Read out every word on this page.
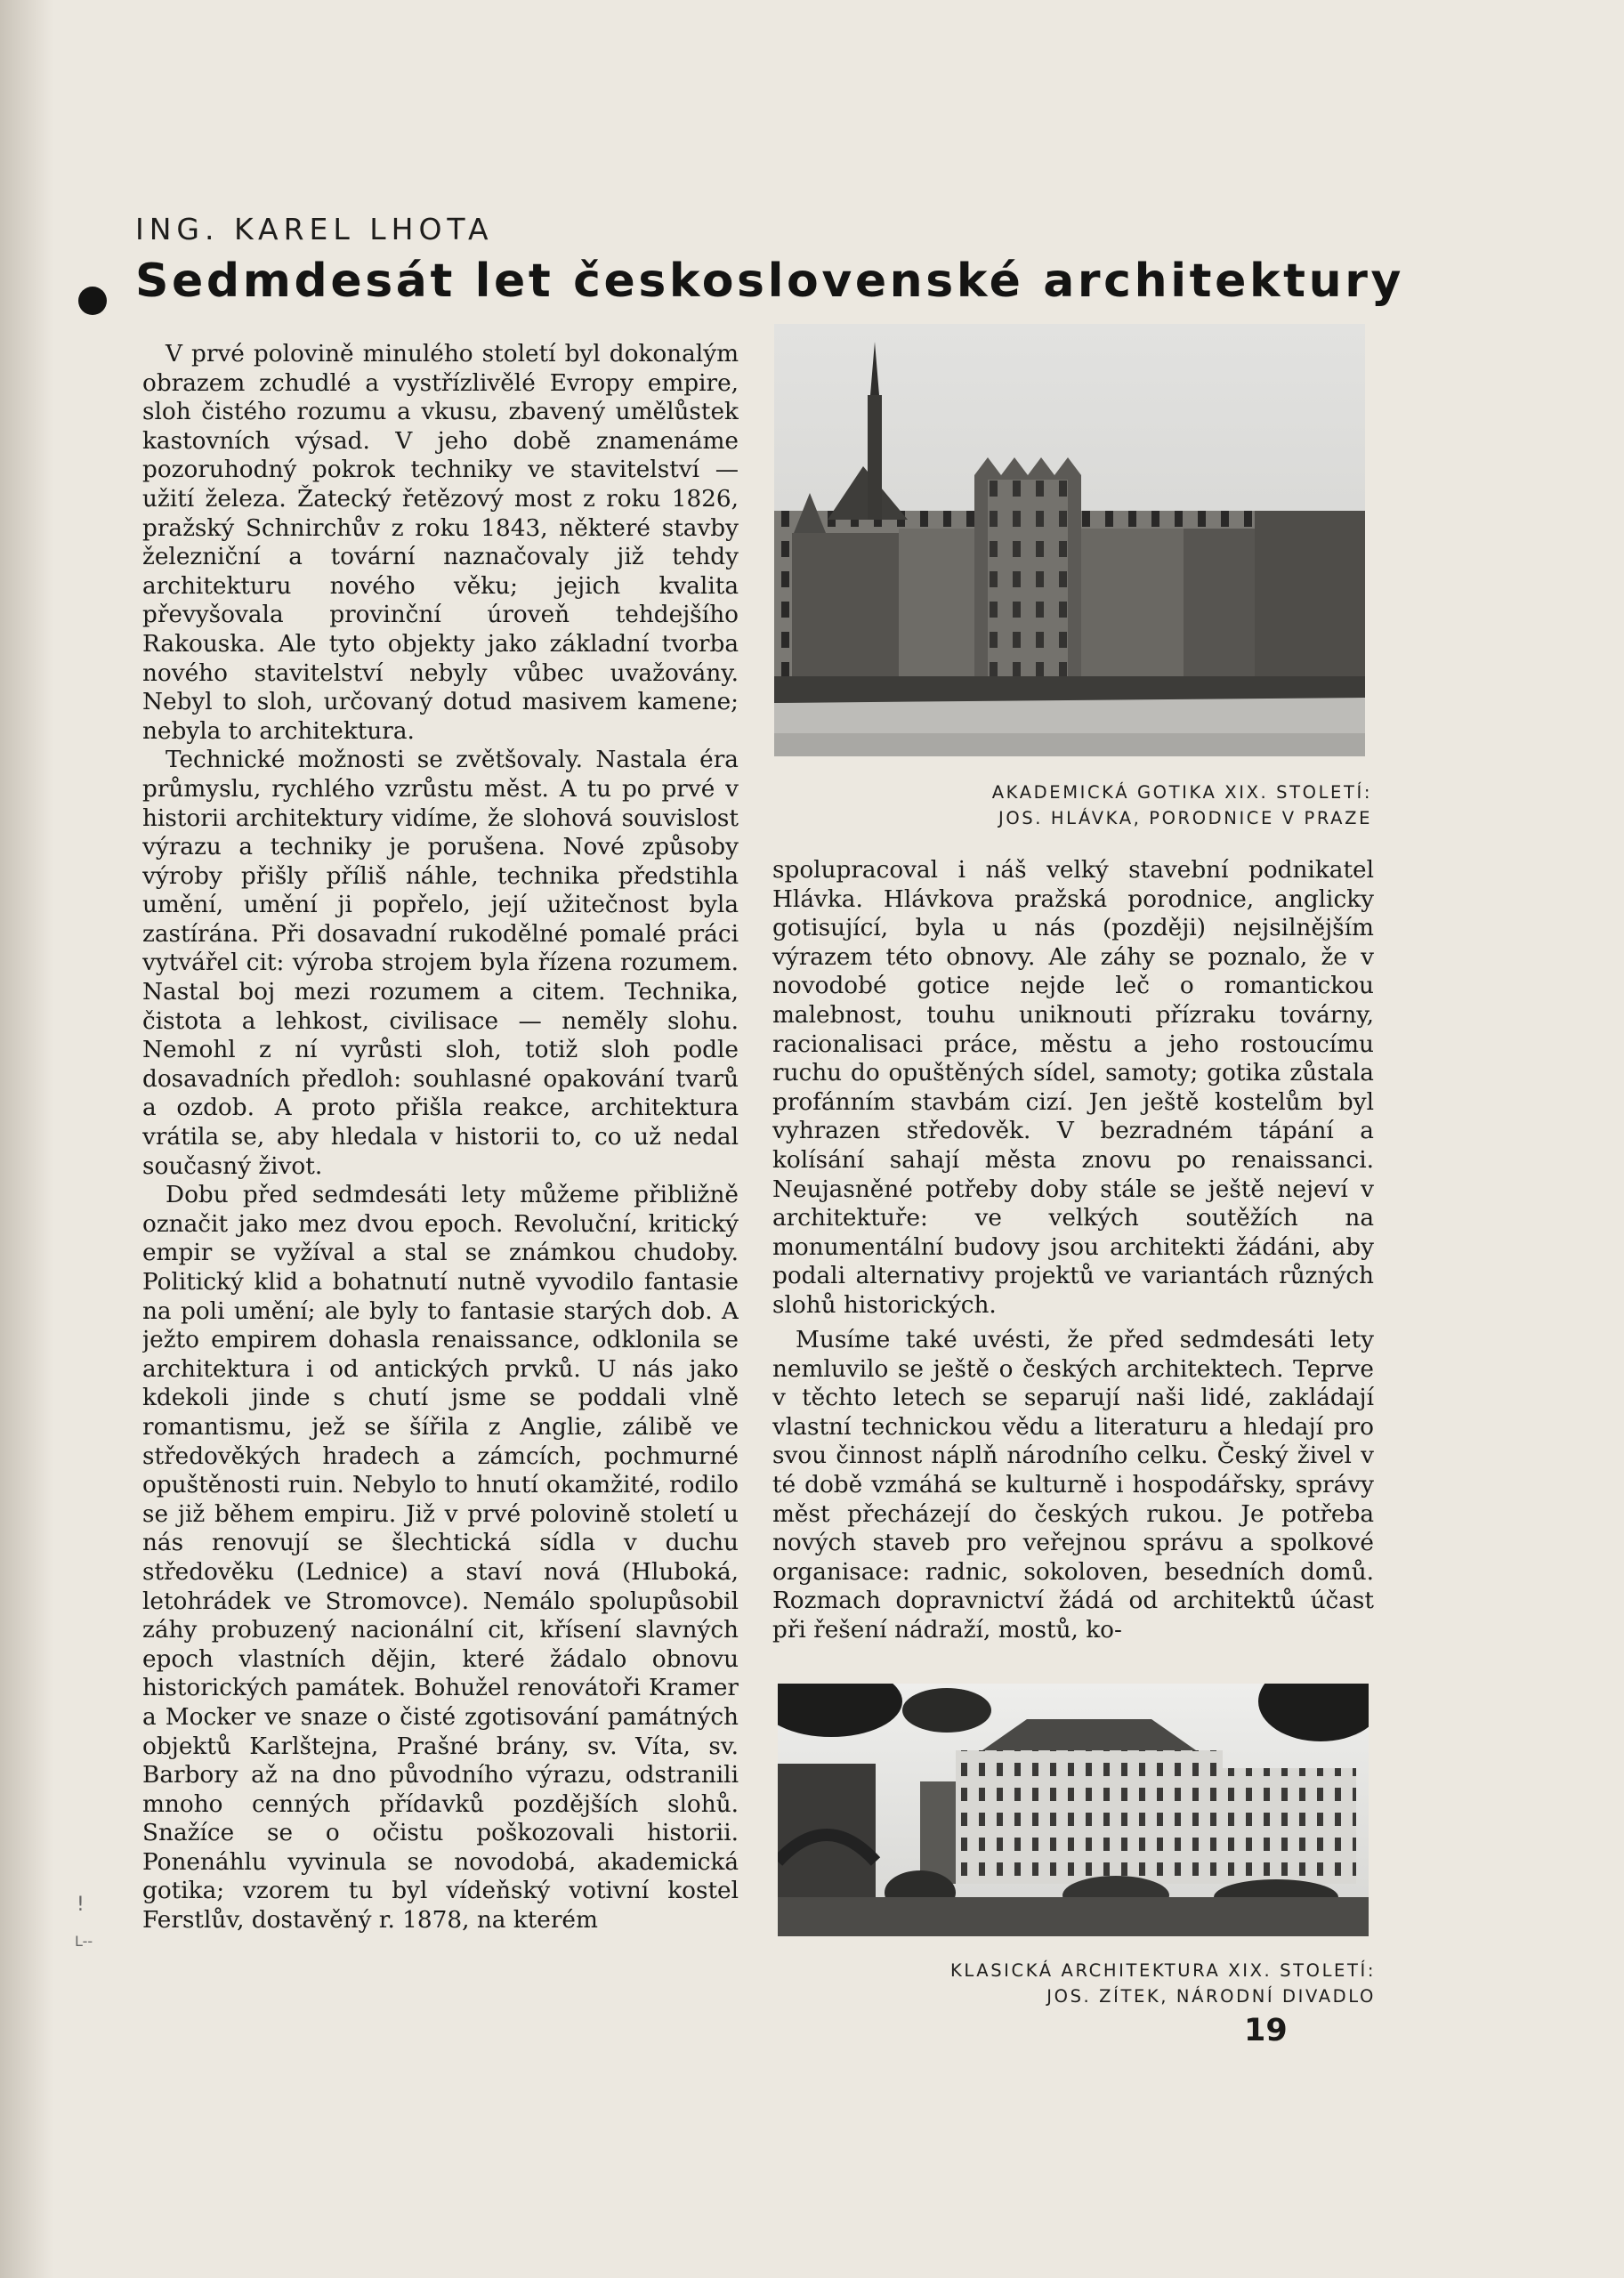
ING. KAREL LHOTA

Sedmdesát let československé architektury

V prvé polovině minulého století byl dokonalým obrazem zchudlé a vystřízlivělé Evropy empire, sloh čistého rozumu a vkusu, zbavený umělůstek kastovních výsad. V jeho době znamenáme pozoruhodný pokrok techniky ve stavitelství — užití železa. Žatecký řetězový most z roku 1826, pražský Schnirchův z roku 1843, některé stavby železniční a tovární naznačovaly již tehdy architekturu nového věku; jejich kvalita převyšovala provinční úroveň tehdejšího Rakouska. Ale tyto objekty jako základní tvorba nového stavitelství nebyly vůbec uvažovány. Nebyl to sloh, určovaný dotud masivem kamene; nebyla to architektura.

Technické možnosti se zvětšovaly. Nastala éra průmyslu, rychlého vzrůstu měst. A tu po prvé v historii architektury vidíme, že slohová souvislost výrazu a techniky je porušena. Nové způsoby výroby přišly příliš náhle, technika předstihla umění, umění ji popřelo, její užitečnost byla zastírána. Při dosavadní rukodělné pomalé práci vytvářel cit: výroba strojem byla řízena rozumem. Nastal boj mezi rozumem a citem. Technika, čistota a lehkost, civilisace — neměly slohu. Nemohl z ní vyrůsti sloh, totiž sloh podle dosavadních předloh: souhlasné opakování tvarů a ozdob. A proto přišla reakce, architektura vrátila se, aby hledala v historii to, co už nedal současný život.

Dobu před sedmdesáti lety můžeme přibližně označit jako mez dvou epoch. Revoluční, kritický empir se vyžíval a stal se známkou chudoby. Politický klid a bohatnutí nutně vyvodilo fantasie na poli umění; ale byly to fantasie starých dob. A ježto empirem dohasla renaissance, odklonila se architektura i od antických prvků. U nás jako kdekoli jinde s chutí jsme se poddali vlně romantismu, jež se šířila z Anglie, zálibě ve středověkých hradech a zámcích, pochmurné opuštěnosti ruin. Nebylo to hnutí okamžité, rodilo se již během empiru. Již v prvé polovině století u nás renovují se šlechtická sídla v duchu středověku (Lednice) a staví nová (Hluboká, letohrádek ve Stromovce). Nemálo spolupůsobil záhy probuzený nacionální cit, křísení slavných epoch vlastních dějin, které žádalo obnovu historických památek. Bohužel renovátoři Kramer a Mocker ve snaze o čisté zgotisování památných objektů Karlštejna, Prašné brány, sv. Víta, sv. Barbory až na dno původního výrazu, odstranili mnoho cenných přídavků pozdějších slohů. Snažíce se o očistu poškozovali historii. Ponenáhlu vyvinula se novodobá, akademická gotika; vzorem tu byl vídeňský votivní kostel Ferstlův, dostavěný r. 1878, na kterém

AKADEMICKÁ GOTIKA XIX. STOLETÍ:
JOS. HLÁVKA, PORODNICE V PRAZE

spolupracoval i náš velký stavební podnikatel Hlávka. Hlávkova pražská porodnice, anglicky gotisující, byla u nás (později) nejsilnějším výrazem této obnovy. Ale záhy se poznalo, že v novodobé gotice nejde leč o romantickou malebnost, touhu uniknouti přízraku továrny, racionalisaci práce, městu a jeho rostoucímu ruchu do opuštěných sídel, samoty; gotika zůstala profánním stavbám cizí. Jen ještě kostelům byl vyhrazen středověk. V bezradném tápání a kolísání sahají města znovu po renaissanci. Neujasněné potřeby doby stále se ještě nejeví v architektuře: ve velkých soutěžích na monumentální budovy jsou architekti žádáni, aby podali alternativy projektů ve variantách různých slohů historických.

Musíme také uvésti, že před sedmdesáti lety nemluvilo se ještě o českých architektech. Teprve v těchto letech se separují naši lidé, zakládají vlastní technickou vědu a literaturu a hledají pro svou činnost náplň národního celku. Český živel v té době vzmáhá se kulturně i hospodářsky, správy měst přecházejí do českých rukou. Je potřeba nových staveb pro veřejnou správu a spolkové organisace: radnic, sokoloven, besedních domů. Rozmach dopravnictví žádá od architektů účast při řešení nádraží, mostů, ko-

KLASICKÁ ARCHITEKTURA XIX. STOLETÍ:
JOS. ZÍTEK, NÁRODNÍ DIVADLO

19

!
L--
